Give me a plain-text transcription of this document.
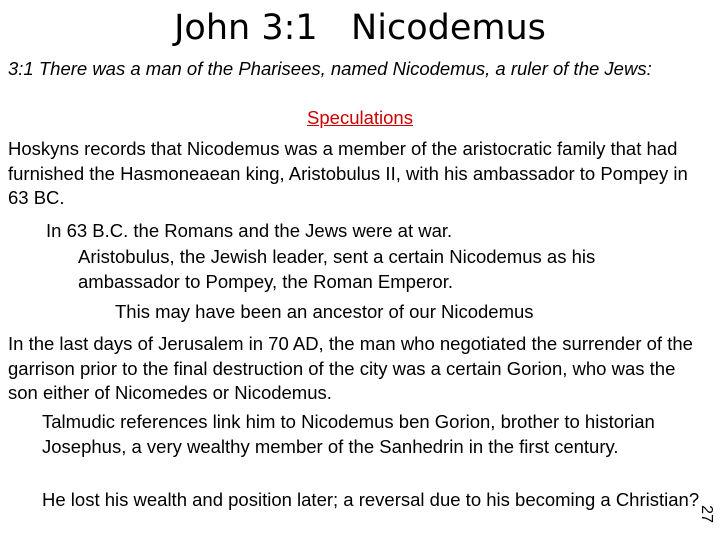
John 3:1   Nicodemus
3:1 There was a man of the Pharisees, named Nicodemus, a ruler of the Jews:
Speculations

Hoskyns records that Nicodemus was a member of the aristocratic family that had furnished the Hasmoneaean king, Aristobulus II, with his ambassador to Pompey in 63 BC.

In 63 B.C. the Romans and the Jews were at war.

Aristobulus, the Jewish leader, sent a certain Nicodemus as his ambassador to Pompey, the Roman Emperor.

This may have been an ancestor of our Nicodemus

In the last days of Jerusalem in 70 AD, the man who negotiated the surrender of the garrison prior to the final destruction of the city was a certain Gorion, who was the son either of Nicomedes or Nicodemus.

Talmudic references link him to Nicodemus ben Gorion, brother to historian Josephus, a very wealthy member of the Sanhedrin in the first century.

He lost his wealth and position later; a reversal due to his becoming a Christian?

27
